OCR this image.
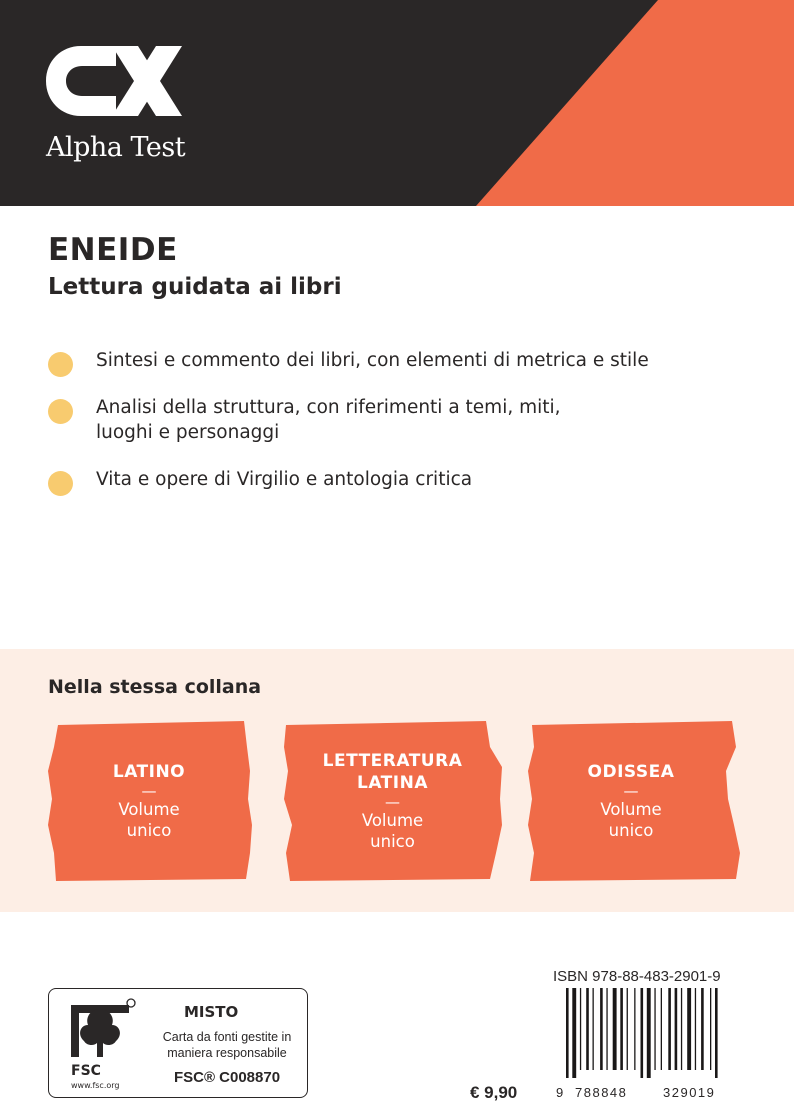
Alpha Test
ENEIDE
Lettura guidata ai libri
Sintesi e commento dei libri, con elementi di metrica e stile
Analisi della struttura, con riferimenti a temi, miti, luoghi e personaggi
Vita e opere di Virgilio e antologia critica
Nella stessa collana
LATINO
—
Volume unico
LETTERATURA LATINA
—
Volume unico
ODISSEA
—
Volume unico
FSC
www.fsc.org
MISTO
Carta da fonti gestite in maniera responsabile
FSC® C008870
ISBN 978-88-483-2901-9
9 788848	329019
€ 9,90
